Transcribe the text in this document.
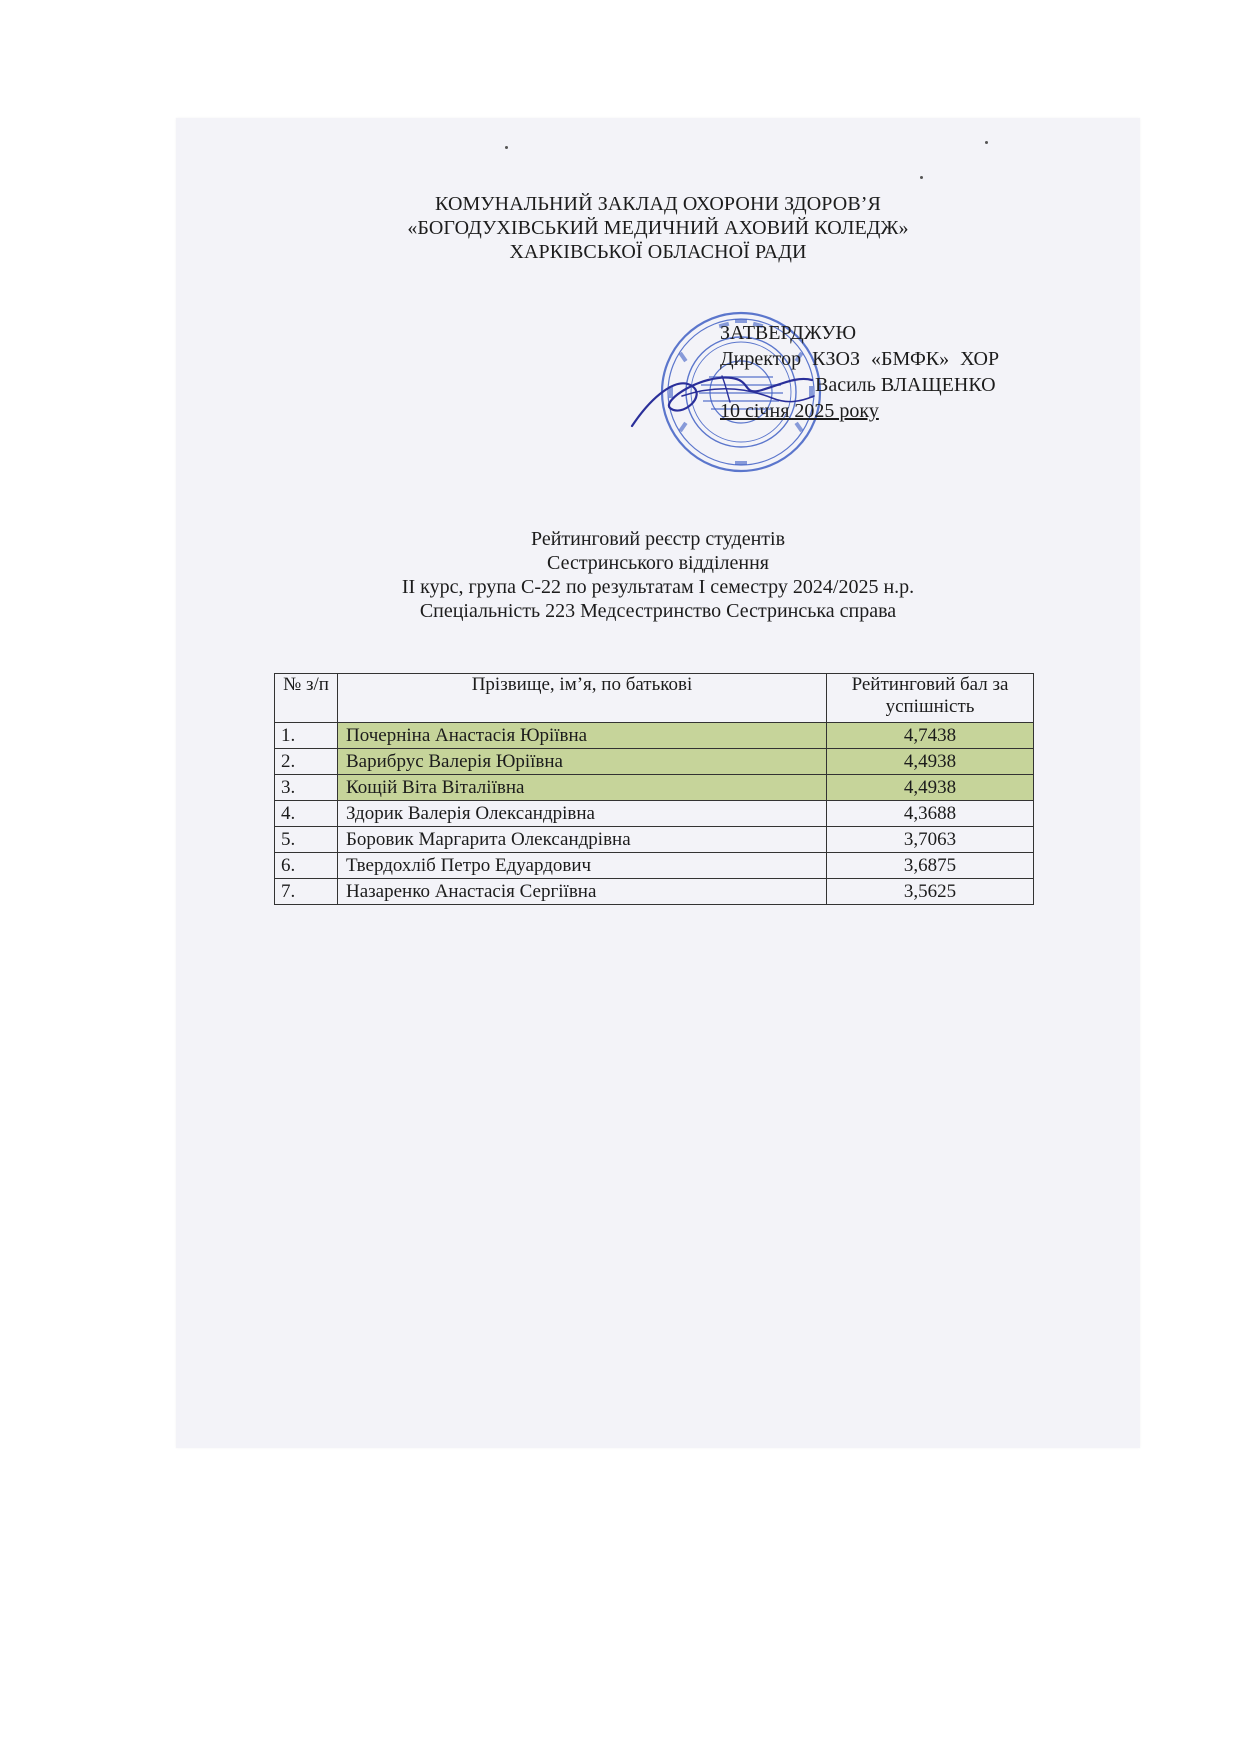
КОМУНАЛЬНИЙ ЗАКЛАД ОХОРОНИ ЗДОРОВ’Я
«БОГОДУХІВСЬКИЙ МЕДИЧНИЙ АХОВИЙ КОЛЕДЖ»
ХАРКІВСЬКОЇ ОБЛАСНОЇ РАДИ
ЗАТВЕРДЖУЮ
Директор КЗОЗ «БМФК» ХОР
Василь ВЛАЩЕНКО
10 січня 2025 року
Рейтинговий реєстр студентів
Сестринського відділення
ІІ курс, група С-22 по результатам І семестру 2024/2025 н.р.
Спеціальність 223 Медсестринство Сестринська справа
№ з/п	Прізвище, ім’я, по батькові	Рейтинговий бал за успішність
1.	Почерніна Анастасія Юріївна	4,7438
2.	Варибрус Валерія Юріївна	4,4938
3.	Кощій Віта Віталіївна	4,4938
4.	Здорик Валерія Олександрівна	4,3688
5.	Боровик Маргарита Олександрівна	3,7063
6.	Твердохліб Петро Едуардович	3,6875
7.	Назаренко Анастасія Сергіївна	3,5625
